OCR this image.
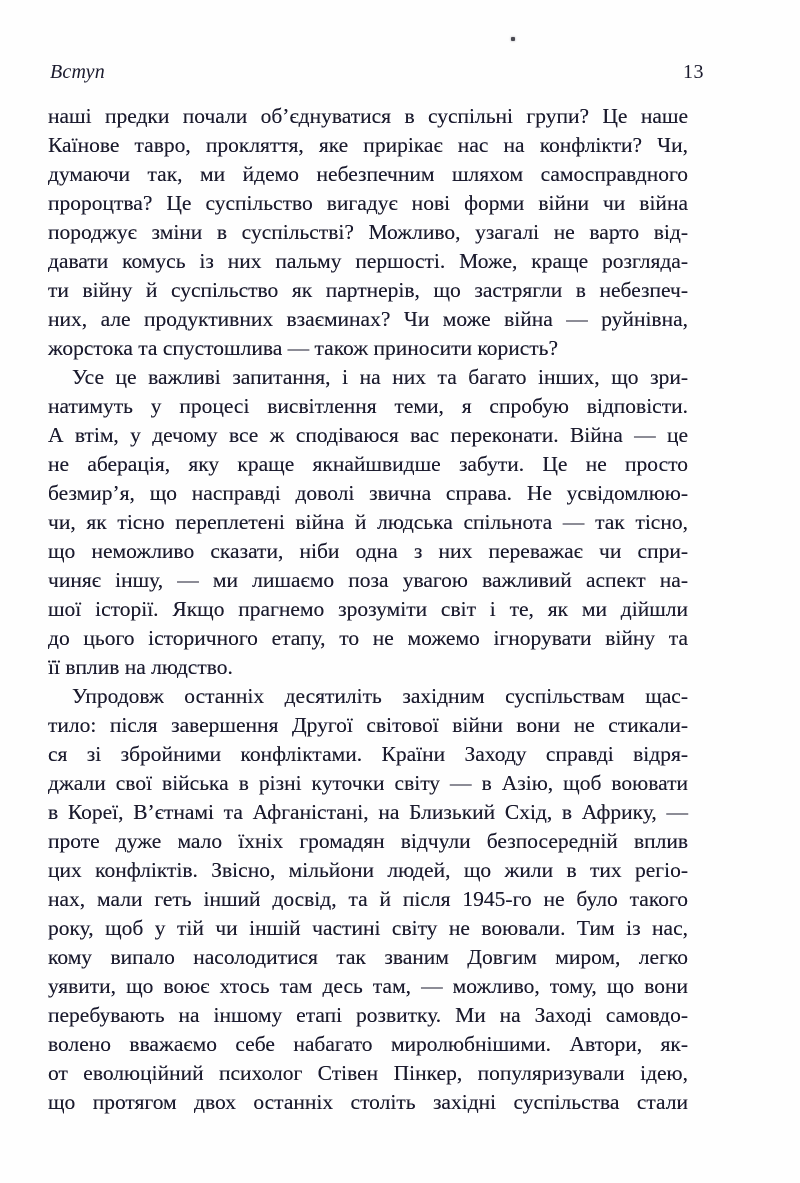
Вступ	13
наші предки почали об’єднуватися в суспільні групи? Це наше
Каїнове тавро, прокляття, яке прирікає нас на конфлікти? Чи,
думаючи так, ми йдемо небезпечним шляхом самосправдного
пророцтва? Це суспільство вигадує нові форми війни чи війна
породжує зміни в суспільстві? Можливо, узагалі не варто від-
давати комусь із них пальму першості. Може, краще розгляда-
ти війну й суспільство як партнерів, що застрягли в небезпеч-
них, але продуктивних взаєминах? Чи може війна — руйнівна,
жорстока та спустошлива — також приносити користь?
Усе це важливі запитання, і на них та багато інших, що зри-
натимуть у процесі висвітлення теми, я спробую відповісти.
А втім, у дечому все ж сподіваюся вас переконати. Війна — це
не аберація, яку краще якнайшвидше забути. Це не просто
безмир’я, що насправді доволі звична справа. Не усвідомлюю-
чи, як тісно переплетені війна й людська спільнота — так тісно,
що неможливо сказати, ніби одна з них переважає чи спри-
чиняє іншу, — ми лишаємо поза увагою важливий аспект на-
шої історії. Якщо прагнемо зрозуміти світ і те, як ми дійшли
до цього історичного етапу, то не можемо ігнорувати війну та
її вплив на людство.
Упродовж останніх десятиліть західним суспільствам щас-
тило: після завершення Другої світової війни вони не стикали-
ся зі збройними конфліктами. Країни Заходу справді відря-
джали свої війська в різні куточки світу — в Азію, щоб воювати
в Кореї, В’єтнамі та Афганістані, на Близький Схід, в Африку, —
проте дуже мало їхніх громадян відчули безпосередній вплив
цих конфліктів. Звісно, мільйони людей, що жили в тих регіо-
нах, мали геть інший досвід, та й після 1945-го не було такого
року, щоб у тій чи іншій частині світу не воювали. Тим із нас,
кому випало насолодитися так званим Довгим миром, легко
уявити, що воює хтось там десь там, — можливо, тому, що вони
перебувають на іншому етапі розвитку. Ми на Заході самовдо-
волено вважаємо себе набагато миролюбнішими. Автори, як-
от еволюційний психолог Стівен Пінкер, популяризували ідею,
що протягом двох останніх століть західні суспільства стали
